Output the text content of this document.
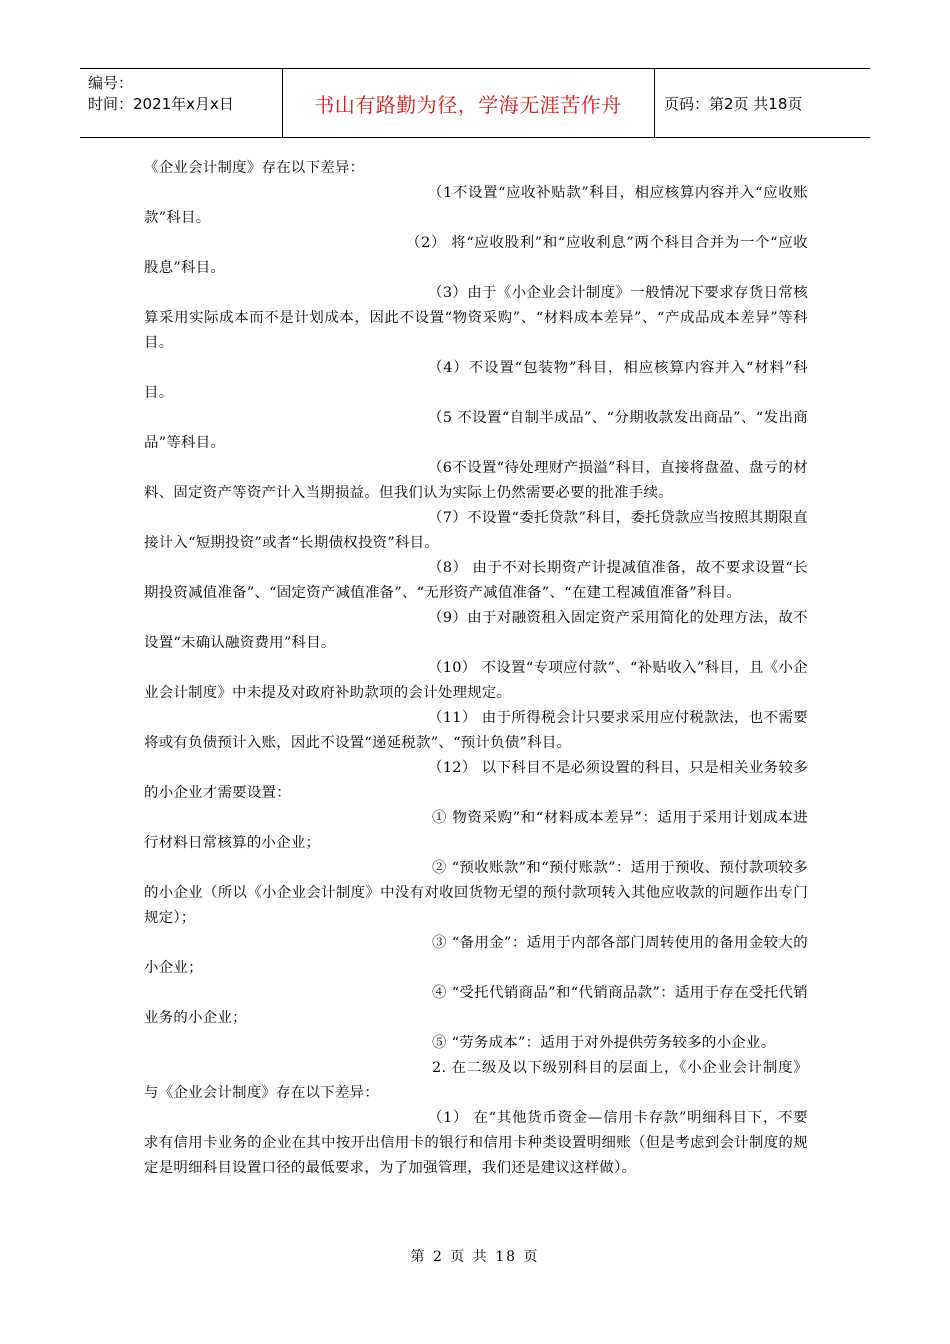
编号：
时间：2021年x月x日	书山有路勤为径，学海无涯苦作舟	页码：第2页 共18页

《企业会计制度》存在以下差异：

（1不设置“应收补贴款”科目，相应核算内容并入“应收账款”科目。

（2） 将“应收股利”和“应收利息”两个科目合并为一个“应收股息”科目。

（3）由于《小企业会计制度》一般情况下要求存货日常核算采用实际成本而不是计划成本，因此不设置“物资采购”、“材料成本差异”、“产成品成本差异”等科目。

（4）不设置“包装物”科目，相应核算内容并入“材料”科目。

（5 不设置“自制半成品”、“分期收款发出商品”、“发出商品”等科目。

（6不设置“待处理财产损溢”科目，直接将盘盈、盘亏的材料、固定资产等资产计入当期损益。但我们认为实际上仍然需要必要的批准手续。

（7）不设置“委托贷款”科目，委托贷款应当按照其期限直接计入“短期投资”或者“长期债权投资”科目。

（8） 由于不对长期资产计提减值准备，故不要求设置“长期投资减值准备”、“固定资产减值准备”、“无形资产减值准备”、“在建工程减值准备”科目。

（9）由于对融资租入固定资产采用简化的处理方法，故不设置“未确认融资费用”科目。

（10） 不设置“专项应付款”、“补贴收入”科目，且《小企业会计制度》中未提及对政府补助款项的会计处理规定。

（11） 由于所得税会计只要求采用应付税款法，也不需要将或有负债预计入账，因此不设置“递延税款”、“预计负债”科目。

（12） 以下科目不是必须设置的科目，只是相关业务较多的小企业才需要设置：

① 物资采购”和“材料成本差异”：适用于采用计划成本进行材料日常核算的小企业；

② “预收账款”和“预付账款”：适用于预收、预付款项较多的小企业（所以《小企业会计制度》中没有对收回货物无望的预付款项转入其他应收款的问题作出专门规定）；

③ “备用金”：适用于内部各部门周转使用的备用金较大的小企业；

④ “受托代销商品”和“代销商品款”：适用于存在受托代销业务的小企业；

⑤ “劳务成本”：适用于对外提供劳务较多的小企业。

2. 在二级及以下级别科目的层面上，《小企业会计制度》与《企业会计制度》存在以下差异：

（1） 在“其他货币资金—信用卡存款”明细科目下，不要求有信用卡业务的企业在其中按开出信用卡的银行和信用卡种类设置明细账（但是考虑到会计制度的规定是明细科目设置口径的最低要求，为了加强管理，我们还是建议这样做）。

第 2 页 共 18 页
